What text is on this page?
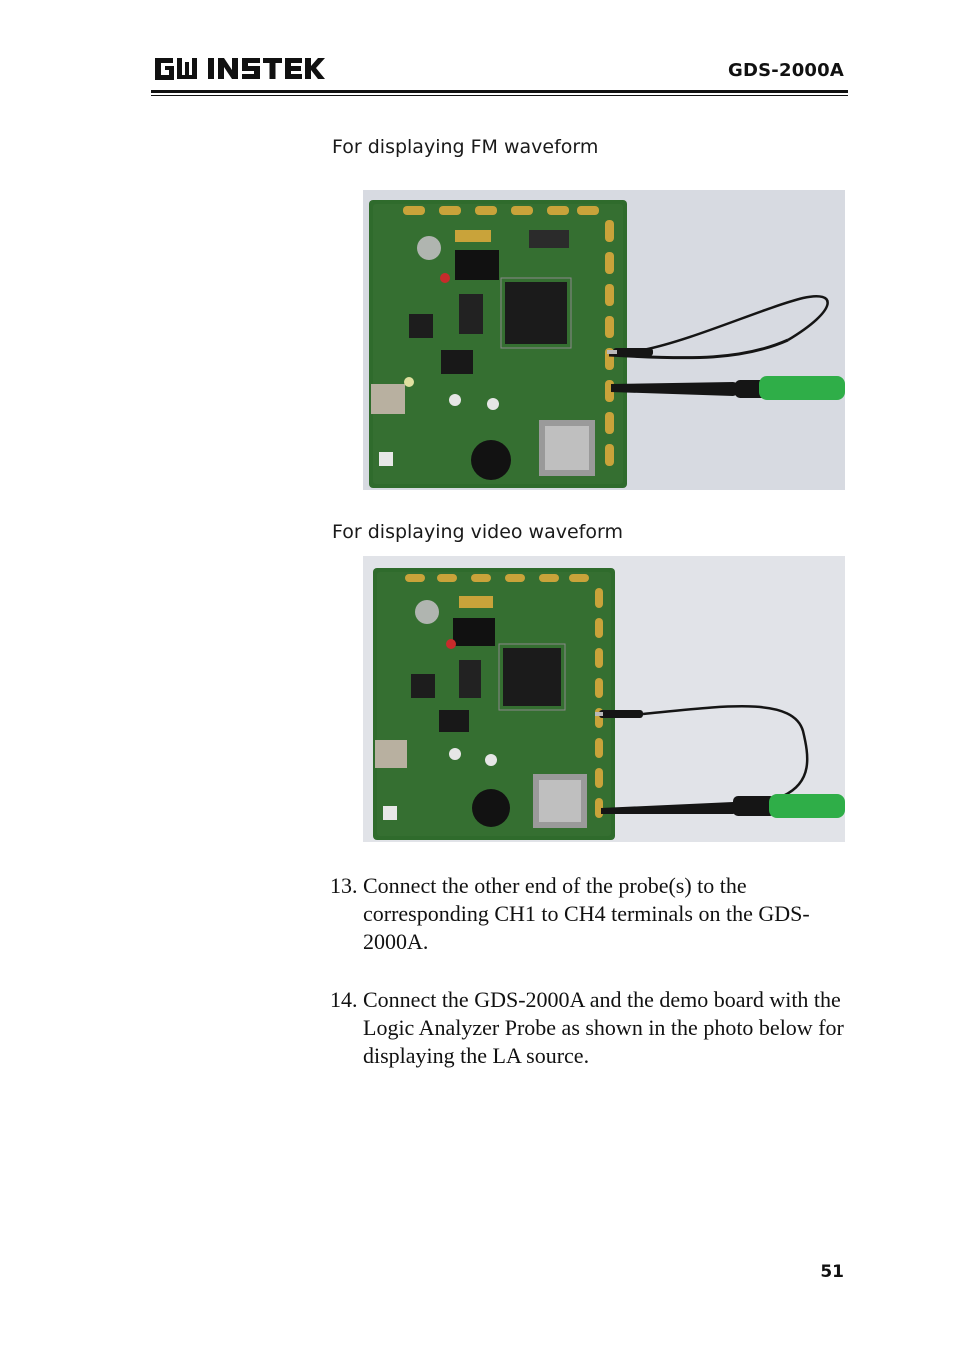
GDS-2000A
For displaying FM waveform
For displaying video waveform
13. Connect the other end of the probe(s) to the corresponding CH1 to CH4 terminals on the GDS-2000A.
14. Connect the GDS-2000A and the demo board with the Logic Analyzer Probe as shown in the photo below for displaying the LA source.
51
